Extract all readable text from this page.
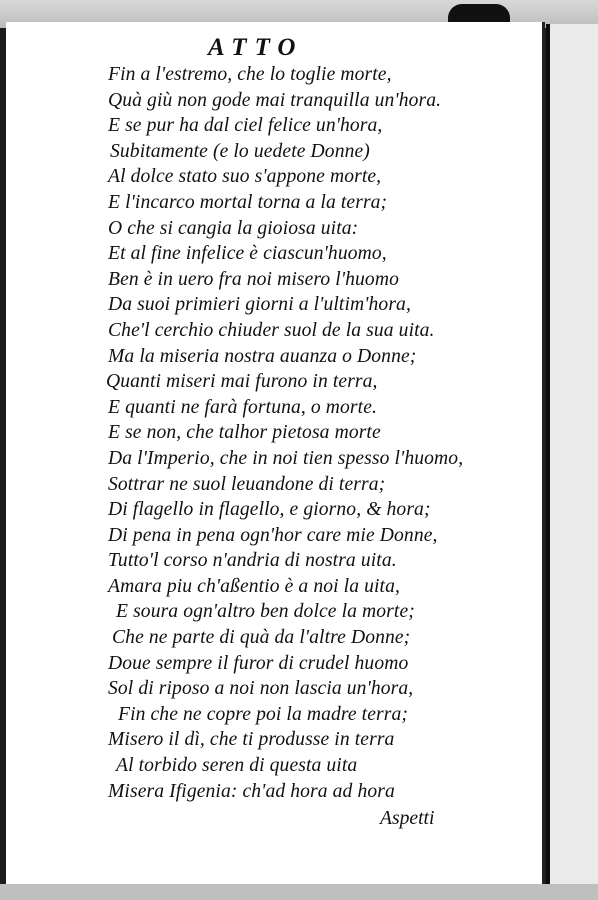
ATTO
Fin a l'estremo, che lo toglie morte,
Quà giù non gode mai tranquilla un'hora.
E se pur ha dal ciel felice un'hora,
Subitamente (e lo uedete Donne)
Al dolce stato suo s'appone morte,
E l'incarco mortal torna a la terra;
O che si cangia la gioiosa uita:
Et al fine infelice è ciascun'huomo,
Ben è in uero fra noi misero l'huomo
Da suoi primieri giorni a l'ultim'hora,
Che'l cerchio chiuder suol de la sua uita.
Ma la miseria nostra auanza o Donne;
Quanti miseri mai furono in terra,
E quanti ne farà fortuna, o morte.
E se non, che talhor pietosa morte
Da l'Imperio, che in noi tien spesso l'huomo,
Sottrar ne suol leuandone di terra;
Di flagello in flagello, e giorno, & hora;
Di pena in pena ogn'hor care mie Donne,
Tutto'l corso n'andria di nostra uita.
Amara piu ch'aßentio è a noi la uita,
E soura ogn'altro ben dolce la morte;
Che ne parte di quà da l'altre Donne;
Doue sempre il furor di crudel huomo
Sol di riposo a noi non lascia un'hora,
Fin che ne copre poi la madre terra;
Misero il dì, che ti produsse in terra
Al torbido seren di questa uita
Misera Ifigenia: ch'ad hora ad hora
Aspetti
